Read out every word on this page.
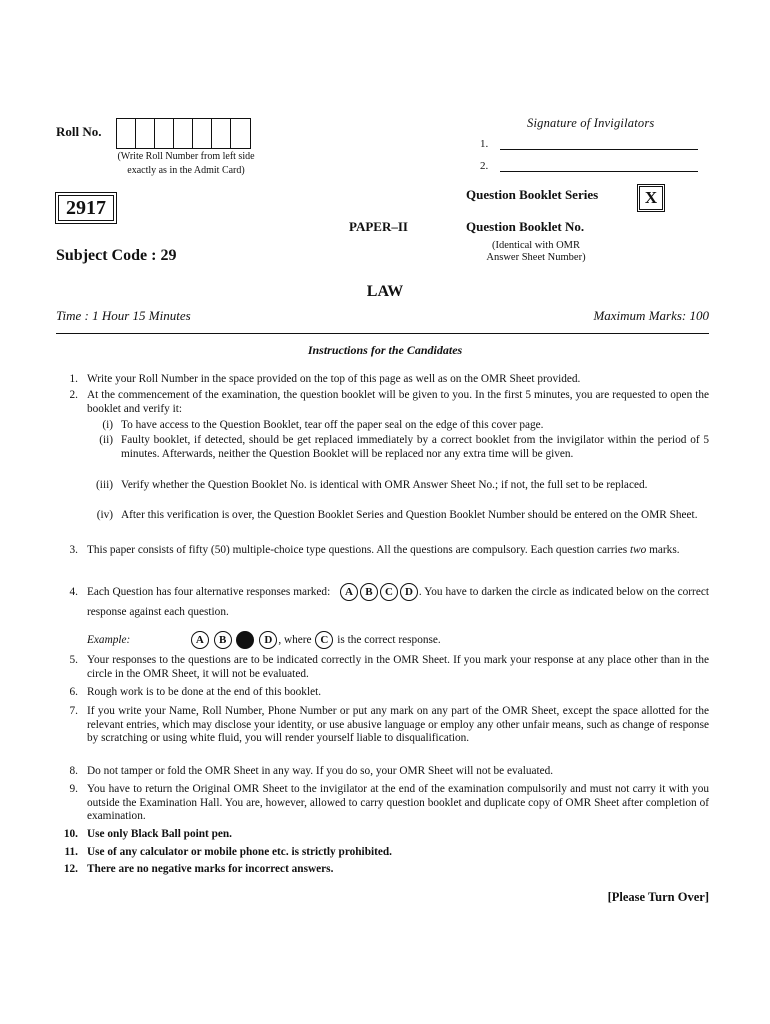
Roll No.
(Write Roll Number from left side
exactly as in the Admit Card)
Signature of Invigilators
1.
2.
2917
Question Booklet Series	X
PAPER–II	Question Booklet No.
(Identical with OMR
Answer Sheet Number)
Subject Code : 29
LAW
Time : 1 Hour 15 Minutes	Maximum Marks: 100
Instructions for the Candidates
1. Write your Roll Number in the space provided on the top of this page as well as on the OMR Sheet provided.
2. At the commencement of the examination, the question booklet will be given to you. In the first 5 minutes, you are requested to open the booklet and verify it:
(i) To have access to the Question Booklet, tear off the paper seal on the edge of this cover page.
(ii) Faulty booklet, if detected, should be get replaced immediately by a correct booklet from the invigilator within the period of 5 minutes. Afterwards, neither the Question Booklet will be replaced nor any extra time will be given.
(iii) Verify whether the Question Booklet No. is identical with OMR Answer Sheet No.; if not, the full set to be replaced.
(iv) After this verification is over, the Question Booklet Series and Question Booklet Number should be entered on the OMR Sheet.
3. This paper consists of fifty (50) multiple-choice type questions. All the questions are compulsory. Each question carries two marks.
4. Each Question has four alternative responses marked: A B C D . You have to darken the circle as indicated below on the correct response against each question.
Example:	A B	D , where C is the correct response.
5. Your responses to the questions are to be indicated correctly in the OMR Sheet. If you mark your response at any place other than in the circle in the OMR Sheet, it will not be evaluated.
6. Rough work is to be done at the end of this booklet.
7. If you write your Name, Roll Number, Phone Number or put any mark on any part of the OMR Sheet, except the space allotted for the relevant entries, which may disclose your identity, or use abusive language or employ any other unfair means, such as change of response by scratching or using white fluid, you will render yourself liable to disqualification.
8. Do not tamper or fold the OMR Sheet in any way. If you do so, your OMR Sheet will not be evaluated.
9. You have to return the Original OMR Sheet to the invigilator at the end of the examination compulsorily and must not carry it with you outside the Examination Hall. You are, however, allowed to carry question booklet and duplicate copy of OMR Sheet after completion of examination.
10. Use only Black Ball point pen.
11. Use of any calculator or mobile phone etc. is strictly prohibited.
12. There are no negative marks for incorrect answers.
[Please Turn Over]
